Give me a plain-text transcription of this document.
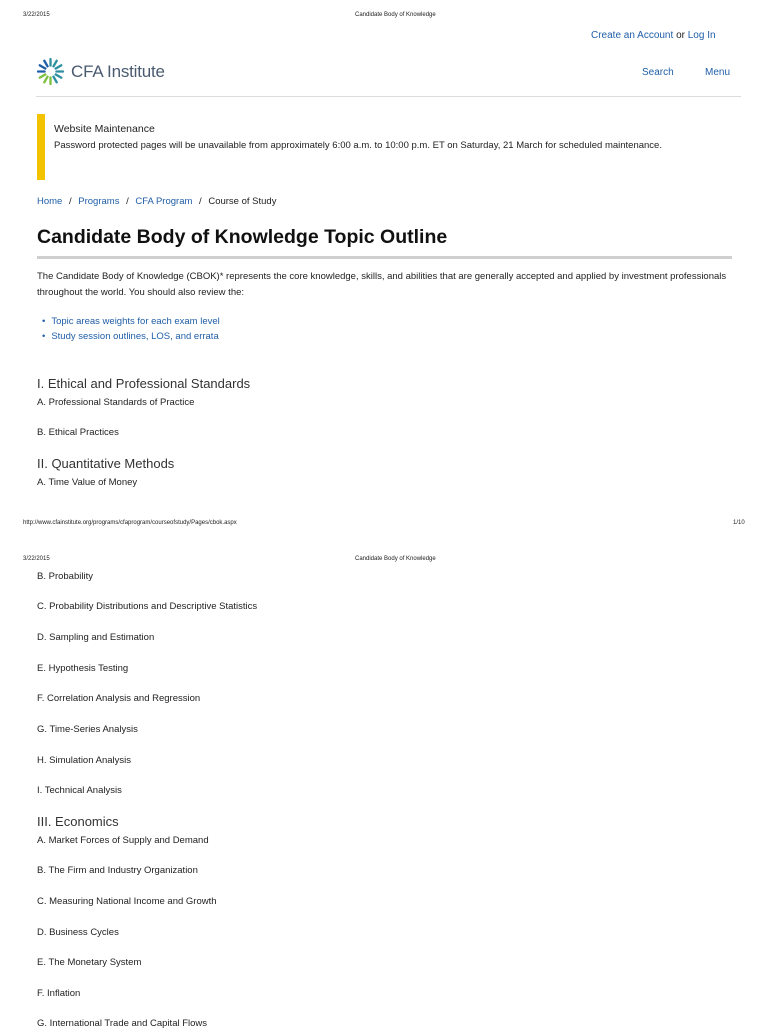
3/22/2015	Candidate Body of Knowledge
Create an Account or Log In
CFA Institute	Search	Menu
Website Maintenance
Password protected pages will be unavailable from approximately 6:00 a.m. to 10:00 p.m. ET on Saturday, 21 March for scheduled maintenance.
Home / Programs / CFA Program / Course of Study
Candidate Body of Knowledge Topic Outline
The Candidate Body of Knowledge (CBOK)* represents the core knowledge, skills, and abilities that are generally accepted and applied by investment professionals throughout the world. You should also review the:
• Topic areas weights for each exam level
• Study session outlines, LOS, and errata
I. Ethical and Professional Standards
A. Professional Standards of Practice
B. Ethical Practices
II. Quantitative Methods
A. Time Value of Money
http://www.cfainstitute.org/programs/cfaprogram/courseofstudy/Pages/cbok.aspx	1/10
3/22/2015	Candidate Body of Knowledge
B. Probability
C. Probability Distributions and Descriptive Statistics
D. Sampling and Estimation
E. Hypothesis Testing
F. Correlation Analysis and Regression
G. Time-Series Analysis
H. Simulation Analysis
I. Technical Analysis
III. Economics
A. Market Forces of Supply and Demand
B. The Firm and Industry Organization
C. Measuring National Income and Growth
D. Business Cycles
E. The Monetary System
F. Inflation
G. International Trade and Capital Flows
